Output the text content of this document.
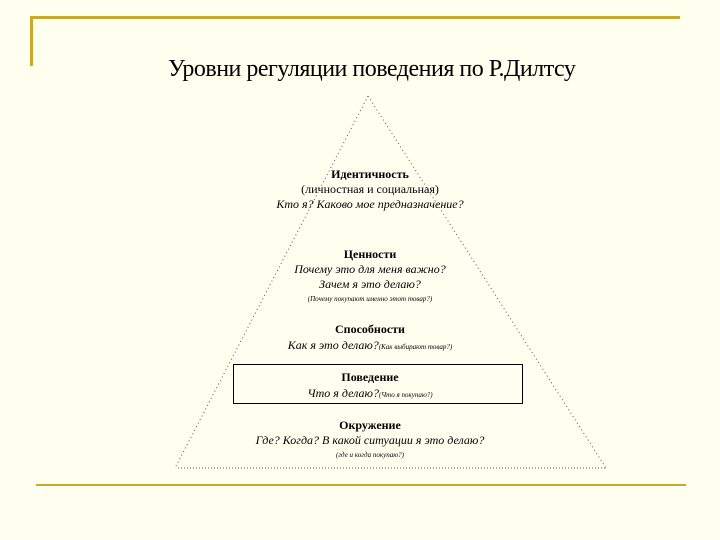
Уровни регуляции поведения по Р.Дилтсу
Идентичность
(личностная и социальная)
Кто я? Каково мое предназначение?
Ценности
Почему это для меня важно?
Зачем я это делаю?
(Почему покупают именно этот товар?)
Способности
Как я это делаю?(Как выбирают товар?)
Поведение
Что я делаю?(Что я покупаю?)
Окружение
Где? Когда? В какой ситуации я это делаю?
(где и когда покупаю?)
